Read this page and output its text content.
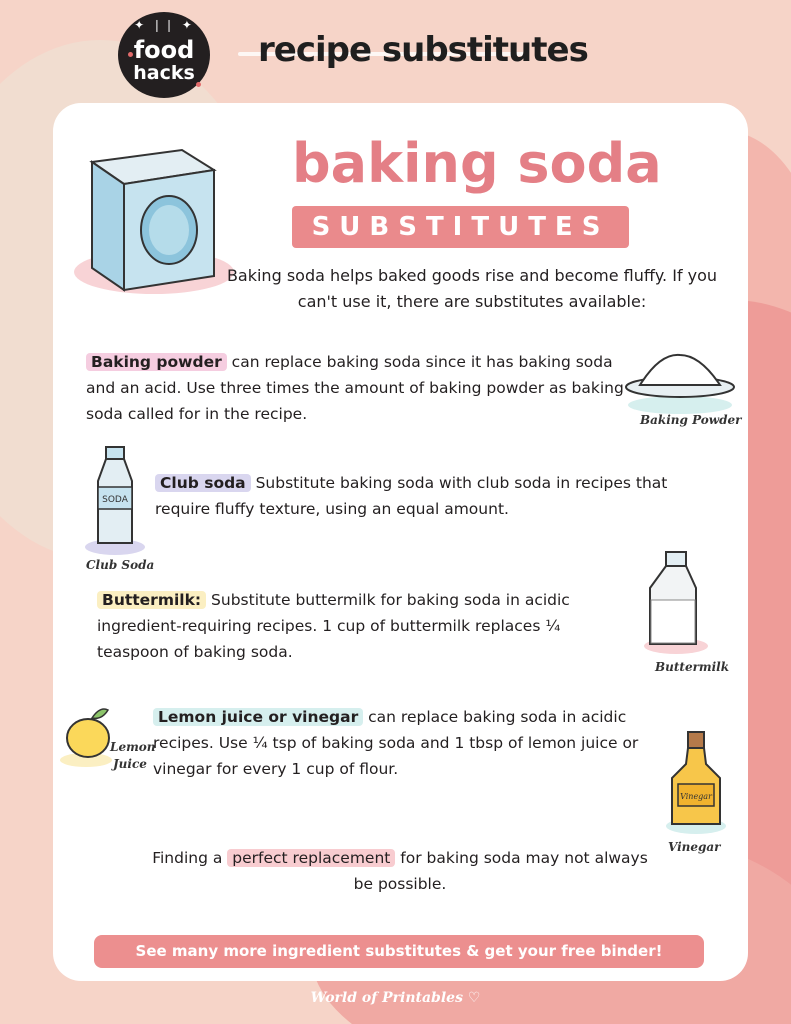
✦ ❘❘ ✦
food
hacks
recipe substitutes
baking soda
SUBSTITUTES
Baking soda helps baked goods rise and become fluffy. If you can't use it, there are substitutes available:
Baking powder can replace baking soda since it has baking soda and an acid. Use three times the amount of baking powder as baking soda called for in the recipe.	Baking Powder
SODA
Club Soda
Club soda Substitute baking soda with club soda in recipes that require fluffy texture, using an equal amount.
Buttermilk: Substitute buttermilk for baking soda in acidic ingredient-requiring recipes. 1 cup of buttermilk replaces ¼ teaspoon of baking soda.
Buttermilk
Lemon
Juice
Lemon juice or vinegar can replace baking soda in acidic recipes. Use ¼ tsp of baking soda and 1 tbsp of lemon juice or vinegar for every 1 cup of flour.
Vinegar
Vinegar
Finding a perfect replacement for baking soda may not always be possible.
See many more ingredient substitutes & get your free binder!
World of Printables ♡
